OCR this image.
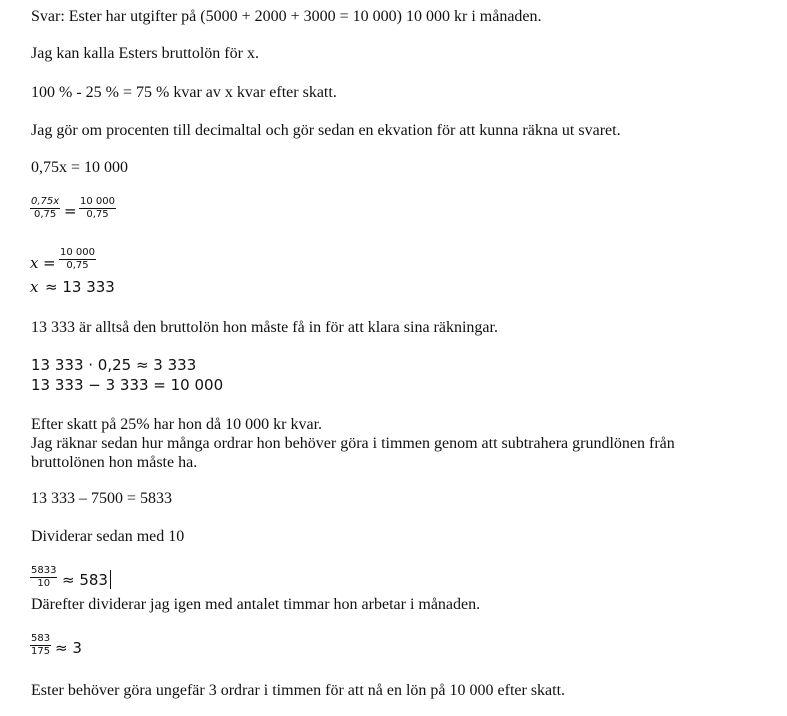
Svar: Ester har utgifter på (5000 + 2000 + 3000 = 10 000) 10 000 kr i månaden.
Jag kan kalla Esters bruttolön för x.
100 % - 25 % = 75 % kvar av x kvar efter skatt.
Jag gör om procenten till decimaltal och gör sedan en ekvation för att kunna räkna ut svaret.
0,75x = 10 000
0,75x
0,75 =
10 000
0,75
x =
10 000
0,75
x ≈ 13 333
13 333 är alltså den bruttolön hon måste få in för att klara sina räkningar.
13 333 · 0,25 ≈ 3 333
13 333 − 3 333 = 10 000
Efter skatt på 25% har hon då 10 000 kr kvar.
Jag räknar sedan hur många ordrar hon behöver göra i timmen genom att subtrahera grundlönen från
bruttolönen hon måste ha.
13 333 – 7500 = 5833
Dividerar sedan med 10
5833
10 ≈ 583
Därefter dividerar jag igen med antalet timmar hon arbetar i månaden.
583
175 ≈ 3
Ester behöver göra ungefär 3 ordrar i timmen för att nå en lön på 10 000 efter skatt.
